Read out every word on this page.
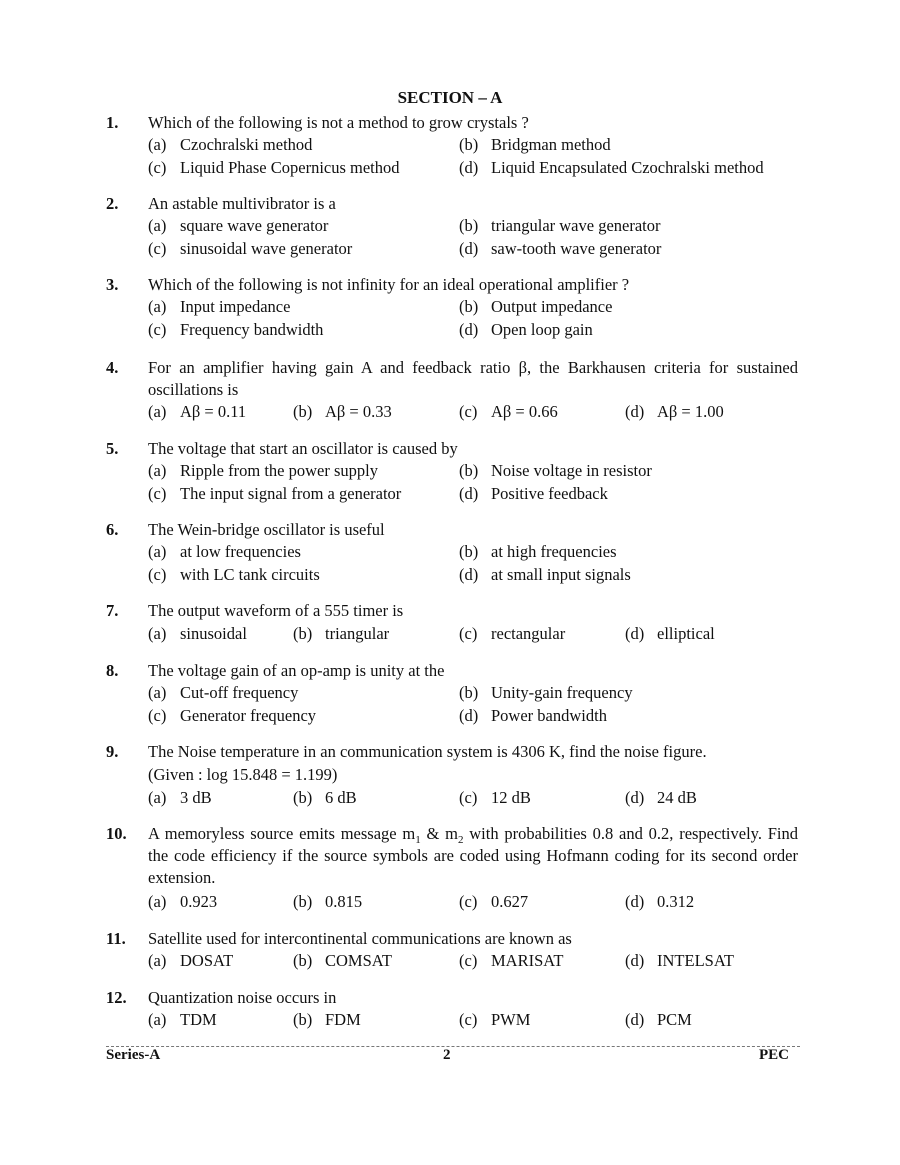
SECTION – A
1. Which of the following is not a method to grow crystals ?
(a) Czochralski method	(b) Bridgman method
(c) Liquid Phase Copernicus method	(d) Liquid Encapsulated Czochralski method
2. An astable multivibrator is a
(a) square wave generator	(b) triangular wave generator
(c) sinusoidal wave generator	(d) saw-tooth wave generator
3. Which of the following is not infinity for an ideal operational amplifier ?
(a) Input impedance	(b) Output impedance
(c) Frequency bandwidth	(d) Open loop gain
4. For an amplifier having gain A and feedback ratio β, the Barkhausen criteria for sustained oscillations is
(a) Aβ = 0.11	(b) Aβ = 0.33	(c) Aβ = 0.66	(d) Aβ = 1.00
5. The voltage that start an oscillator is caused by
(a) Ripple from the power supply	(b) Noise voltage in resistor
(c) The input signal from a generator	(d) Positive feedback
6. The Wein-bridge oscillator is useful
(a) at low frequencies	(b) at high frequencies
(c) with LC tank circuits	(d) at small input signals
7. The output waveform of a 555 timer is
(a) sinusoidal	(b) triangular	(c) rectangular	(d) elliptical
8. The voltage gain of an op-amp is unity at the
(a) Cut-off frequency	(b) Unity-gain frequency
(c) Generator frequency	(d) Power bandwidth
9. The Noise temperature in an communication system is 4306 K, find the noise figure.
(Given : log 15.848 = 1.199)
(a) 3 dB	(b) 6 dB	(c) 12 dB	(d) 24 dB
10. A memoryless source emits message $m_1$ & $m_2$ with probabilities 0.8 and 0.2, respectively. Find the code efficiency if the source symbols are coded using Hofmann coding for its second order extension.
(a) 0.923	(b) 0.815	(c) 0.627	(d) 0.312
11. Satellite used for intercontinental communications are known as
(a) DOSAT	(b) COMSAT	(c) MARISAT	(d) INTELSAT
12. Quantization noise occurs in
(a) TDM	(b) FDM	(c) PWM	(d) PCM
Series-A	2	PEC
